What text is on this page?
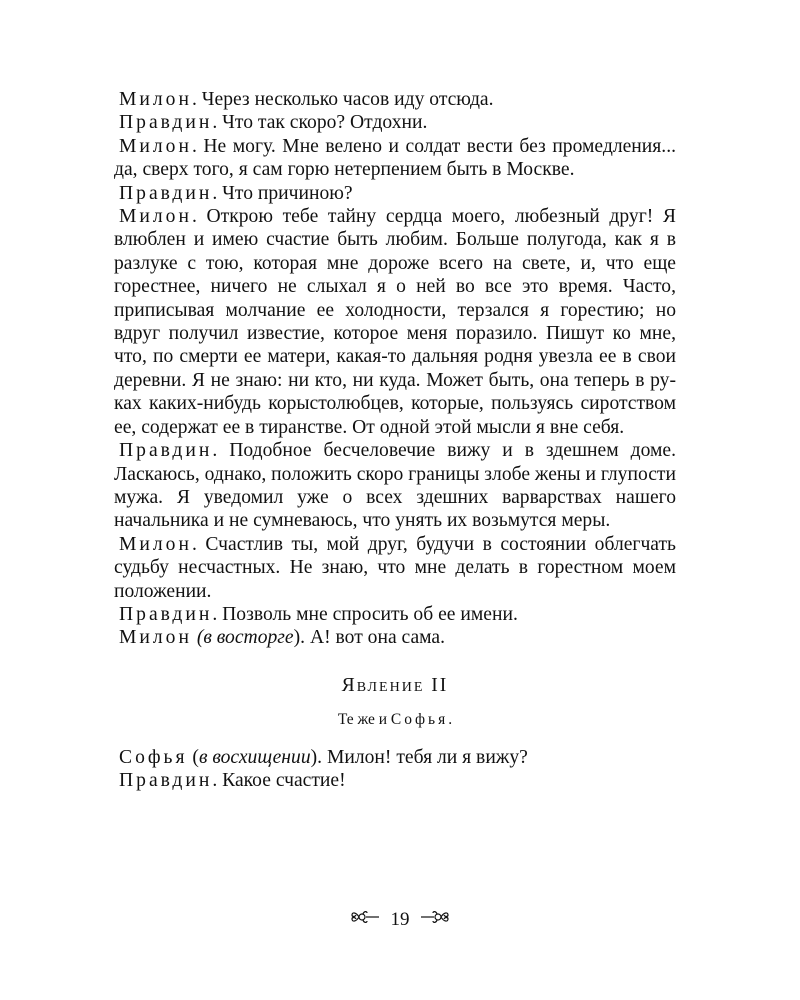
Милон. Через несколько часов иду отсюда.

Правдин. Что так скоро? Отдохни.

Милон. Не могу. Мне велено и солдат вести без промедления... да, сверх того, я сам горю нетерпением быть в Москве.

Правдин. Что причиною?

Милон. Открою тебе тайну сердца моего, любезный друг! Я влюблен и имею счастие быть любим. Больше полугода, как я в разлуке с тою, которая мне дороже всего на свете, и, что еще горестнее, ничего не слыхал я о ней во все это время. Часто, приписывая молчание ее холодности, терзался я горестию; но вдруг получил известие, которое меня поразило. Пишут ко мне, что, по смерти ее матери, какая-то дальняя родня увезла ее в свои деревни. Я не знаю: ни кто, ни куда. Может быть, она теперь в руках каких-нибудь корыстолюбцев, которые, пользуясь сиротством ее, содержат ее в тиранстве. От одной этой мысли я вне себя.

Правдин. Подобное бесчеловечие вижу и в здешнем доме. Ласкаюсь, однако, положить скоро границы злобе жены и глупости мужа. Я уведомил уже о всех здешних варварствах нашего начальника и не сумневаюсь, что унять их возьмутся меры.

Милон. Счастлив ты, мой друг, будучи в состоянии облегчать судьбу несчастных. Не знаю, что мне делать в горестном моем положении.

Правдин. Позволь мне спросить об ее имени.

Милон (в восторге). А! вот она сама.

Явление II
Те же и Софья.

Софья (в восхищении). Милон! тебя ли я вижу?

Правдин. Какое счастие!

19
